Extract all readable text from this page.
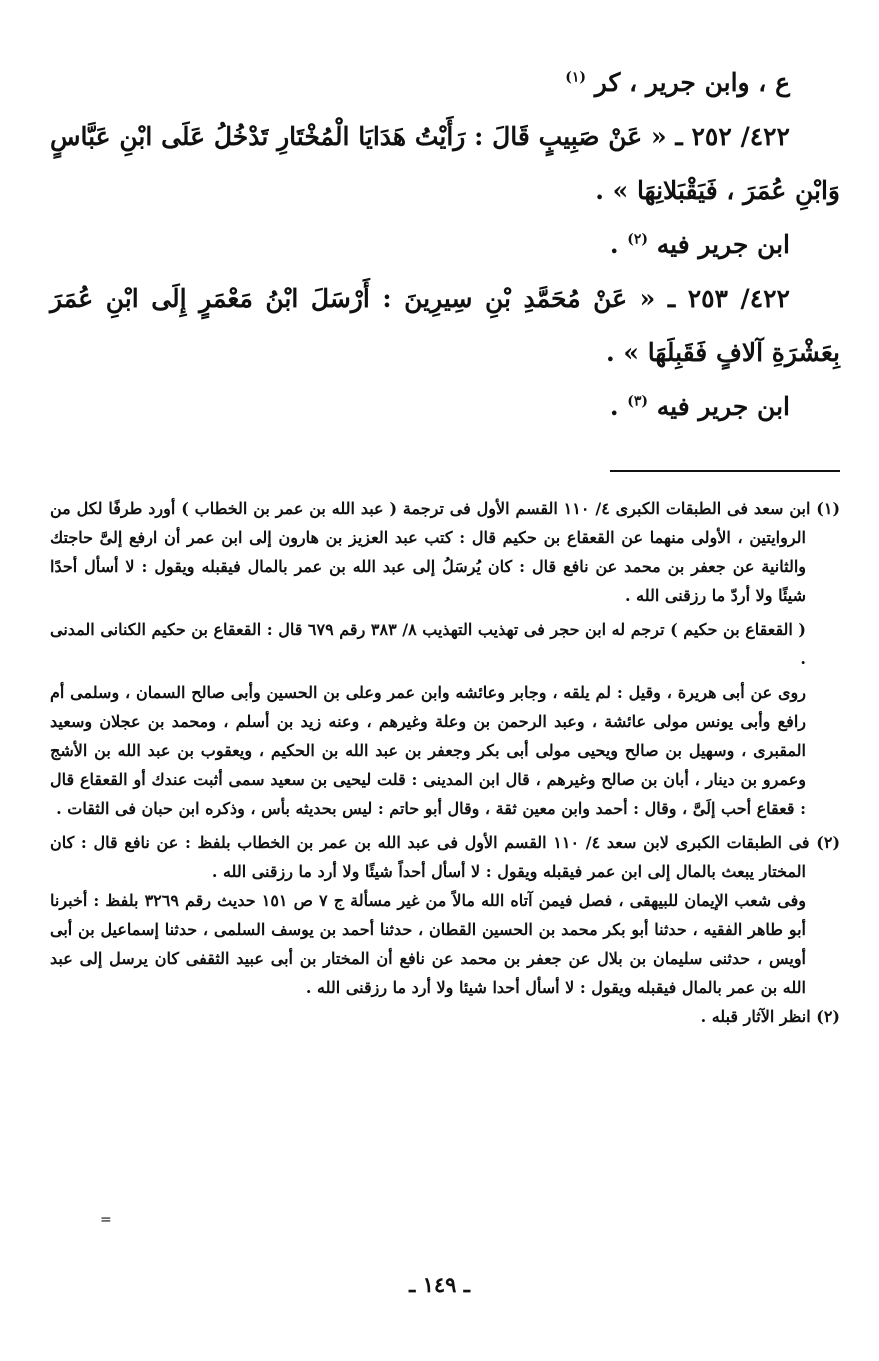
ع ، وابن جرير ، كر $^{(١)}$

٤٢٢/ ٢٥٢ ـ « عَنْ صَبِيبٍ قَالَ : رَأَيْتُ هَدَايَا الْمُخْتَارِ تَدْخُلُ عَلَى ابْنِ عَبَّاسٍ وَابْنِ عُمَرَ ، فَيَقْبَلانِهَا » .

ابن جرير فيه $^{(٢)}$ .

٤٢٢/ ٢٥٣ ـ « عَنْ مُحَمَّدِ بْنِ سِيرِينَ : أَرْسَلَ ابْنُ مَعْمَرٍ إِلَى ابْنِ عُمَرَ بِعَشْرَةِ آلافٍ فَقَبِلَهَا » .

ابن جرير فيه $^{(٣)}$ .

(١) ابن سعد فى الطبقات الكبرى ٤/ ١١٠ القسم الأول فى ترجمة ( عبد الله بن عمر بن الخطاب ) أورد طرفًا لكل من الروايتين ، الأولى منهما عن القعقاع بن حكيم قال : كتب عبد العزيز بن هارون إلى ابن عمر أن ارفع إلىَّ حاجتك والثانية عن جعفر بن محمد عن نافع قال : كان يُرسَلُ إلى عبد الله بن عمر بالمال فيقبله ويقول : لا أسأل أحدًا شيئًا ولا أردّ ما رزقنى الله .

( القعقاع بن حكيم ) ترجم له ابن حجر فى تهذيب التهذيب ٨/ ٣٨٣ رقم ٦٧٩ قال : القعقاع بن حكيم الكنانى المدنى .

روى عن أبى هريرة ، وقيل : لم يلقه ، وجابر وعائشه وابن عمر وعلى بن الحسين وأبى صالح السمان ، وسلمى أم رافع وأبى يونس مولى عائشة ، وعبد الرحمن بن وعلة وغيرهم ، وعنه زيد بن أسلم ، ومحمد بن عجلان وسعيد المقبرى ، وسهيل بن صالح ويحيى مولى أبى بكر وجعفر بن عبد الله بن الحكيم ، ويعقوب بن عبد الله بن الأشج وعمرو بن دينار ، أبان بن صالح وغيرهم ، قال ابن المدينى : قلت ليحيى بن سعيد سمى أثبت عندك أو القعقاع قال : قعقاع أحب إلَىَّ ، وقال : أحمد وابن معين ثقة ، وقال أبو حاتم : ليس بحديثه بأس ، وذكره ابن حبان فى الثقات .

(٢) فى الطبقات الكبرى لابن سعد ٤/ ١١٠ القسم الأول فى عبد الله بن عمر بن الخطاب بلفظ : عن نافع قال : كان المختار يبعث بالمال إلى ابن عمر فيقبله ويقول : لا أسأل أحداً شيئًا ولا أرد ما رزقنى الله .

وفى شعب الإيمان للبيهقى ، فصل فيمن آتاه الله مالاً من غير مسألة ج ٧ ص ١٥١ حديث رقم ٣٢٦٩ بلفظ : أخبرنا أبو طاهر الفقيه ، حدثنا أبو بكر محمد بن الحسين القطان ، حدثنا أحمد بن يوسف السلمى ، حدثنا إسماعيل بن أبى أويس ، حدثنى سليمان بن بلال عن جعفر بن محمد عن نافع أن المختار بن أبى عبيد الثقفى كان يرسل إلى عبد الله بن عمر بالمال فيقبله ويقول : لا أسأل أحدا شيئا ولا أرد ما رزقنى الله .

(٢) انظر الآثار قبله .

=
ـ ١٤٩ ـ
